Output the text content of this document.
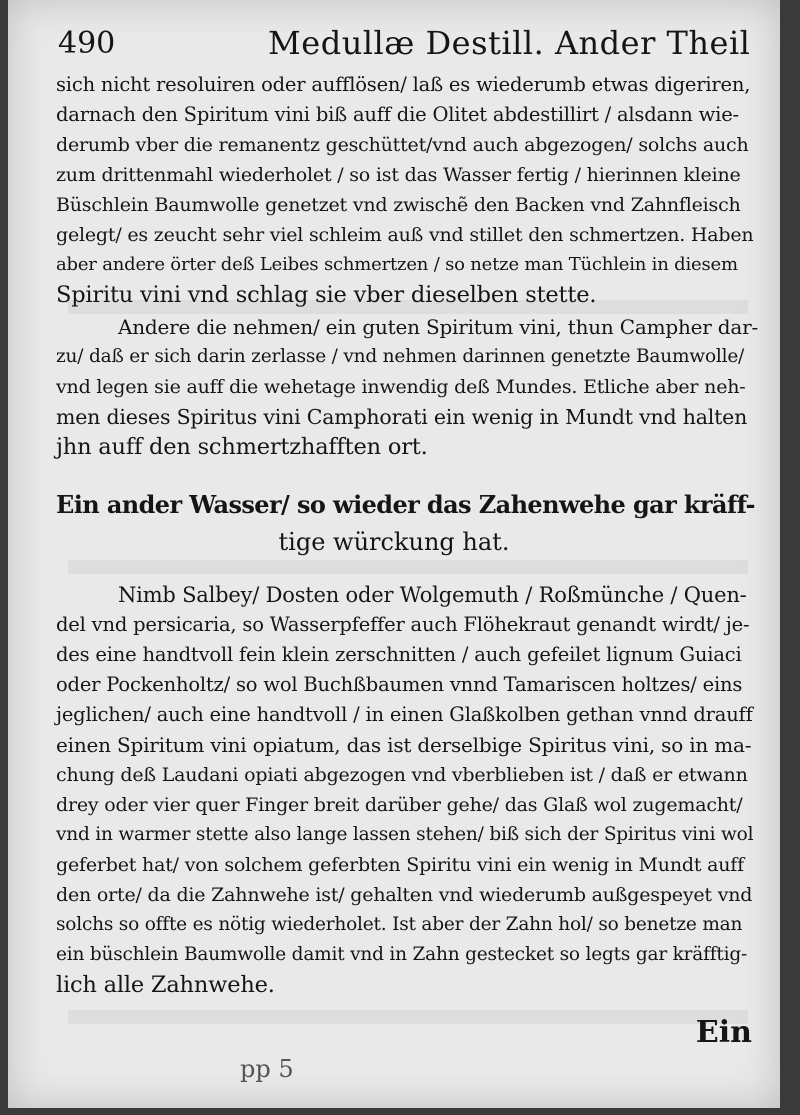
490	Medullæ Destill. Ander Theil
sich nicht resoluiren oder aufflösen/ laß es wiederumb etwas digeriren,
darnach den Spiritum vini biß auff die Olitet abdestillirt / alsdann wie-
derumb vber die remanentz geschüttet/vnd auch abgezogen/ solchs auch
zum drittenmahl wiederholet / so ist das Wasser fertig / hierinnen kleine
Büschlein Baumwolle genetzet vnd zwischẽ den Backen vnd Zahnfleisch
gelegt/ es zeucht sehr viel schleim auß vnd stillet den schmertzen. Haben
aber andere örter deß Leibes schmertzen / so netze man Tüchlein in diesem
Spiritu vini vnd schlag sie vber dieselben stette.
Andere die nehmen/ ein guten Spiritum vini, thun Campher dar-
zu/ daß er sich darin zerlasse / vnd nehmen darinnen genetzte Baumwolle/
vnd legen sie auff die wehetage inwendig deß Mundes. Etliche aber neh-
men dieses Spiritus vini Camphorati ein wenig in Mundt vnd halten
jhn auff den schmertzhafften ort.
Ein ander Wasser/ so wieder das Zahenwehe gar kräff-
tige würckung hat.
Nimb Salbey/ Dosten oder Wolgemuth / Roßmünche / Quen-
del vnd persicaria, so Wasserpfeffer auch Flöhekraut genandt wirdt/ je-
des eine handtvoll fein klein zerschnitten / auch gefeilet lignum Guiaci
oder Pockenholtz/ so wol Buchßbaumen vnnd Tamariscen holtzes/ eins
jeglichen/ auch eine handtvoll / in einen Glaßkolben gethan vnnd drauff
einen Spiritum vini opiatum, das ist derselbige Spiritus vini, so in ma-
chung deß Laudani opiati abgezogen vnd vberblieben ist / daß er etwann
drey oder vier quer Finger breit darüber gehe/ das Glaß wol zugemacht/
vnd in warmer stette also lange lassen stehen/ biß sich der Spiritus vini wol
geferbet hat/ von solchem geferbten Spiritu vini ein wenig in Mundt auff
den orte/ da die Zahnwehe ist/ gehalten vnd wiederumb außgespeyet vnd
solchs so offte es nötig wiederholet. Ist aber der Zahn hol/ so benetze man
ein büschlein Baumwolle damit vnd in Zahn gestecket so legts gar kräfftig-
lich alle Zahnwehe.
pp 5
Ein
